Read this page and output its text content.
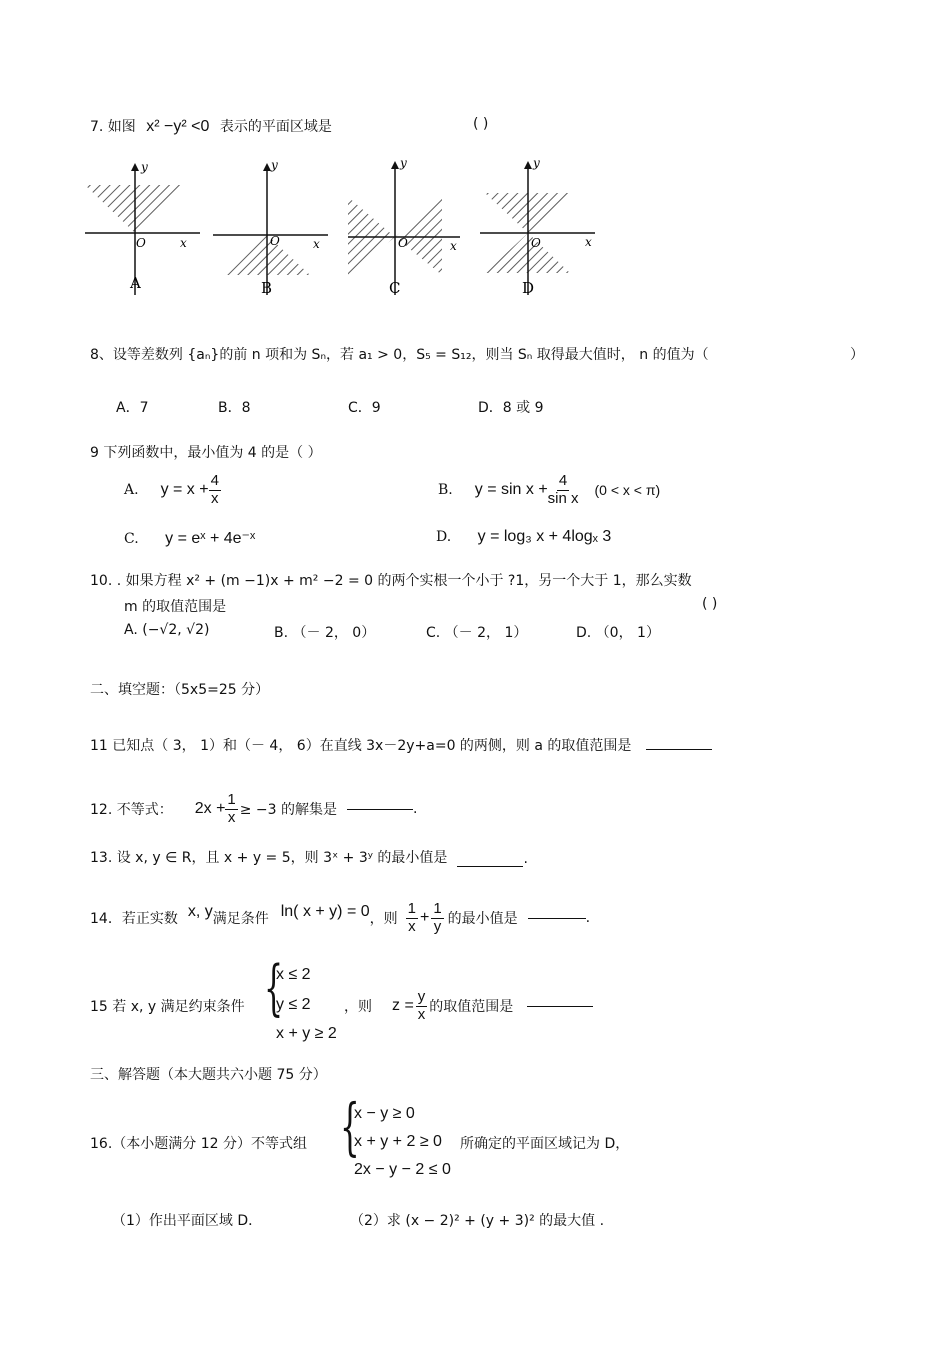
7. 如图 x² −y² <0 表示的平面区域是	( )
y
O	x
A
y
O	x
B
y
O	x
C
y
O	x
D
8、设等差数列 {aₙ}的前 n 项和为 Sₙ，若 a₁ > 0，S₅ = S₁₂，则当 Sₙ 取得最大值时， n 的值为（	）
A．7	B．8	C．9	D．8 或 9
9 下列函数中，最小值为 4 的是（ ）
A. $y = x + \frac{4}{x}$	B. $y = \sin x + \frac{4}{\text{sin x}} (0 < x < \pi)$
C. y = eˣ + 4e⁻ˣ	D. y = log₃ x + 4logₓ 3
10. . 如果方程 x² + (m −1)x + m² −2 = 0 的两个实根一个小于 ?1，另一个大于 1，那么实数
m 的取值范围是	( )
A. (−√2, √2)	B. （－ 2， 0）	C. （－ 2， 1）	D. （0， 1）
二、填空题：（5x5=25 分）
11 已知点（ 3， 1）和（－ 4， 6）在直线 3x－2y+a=0 的两侧，则 a 的取值范围是
12. 不等式： $2x + \frac{1}{x} \ge -3$ 的解集是	.
13. 设 x, y ∈ R，且 x + y = 5，则 3ˣ + 3ʸ 的最小值是	.
14．若正实数 x, y 满足条件 ln( x + y) = 0 ，则 $\frac{1}{x} + \frac{1}{y}$ 的最小值是	.
15 若 x, y 满足约束条件 {
x ≤ 2
y ≤ 2
x + y ≥ 2
，则 $z = \frac{y}{x}$ 的取值范围是
三、解答题（本大题共六小题 75 分）
16.（本小题满分 12 分）不等式组 {
x − y ≥ 0
x + y + 2 ≥ 0
2x − y − 2 ≤ 0
所确定的平面区域记为 D，
（1）作出平面区域 D．	（2）求 (x − 2)² + (y + 3)² 的最大值 .
